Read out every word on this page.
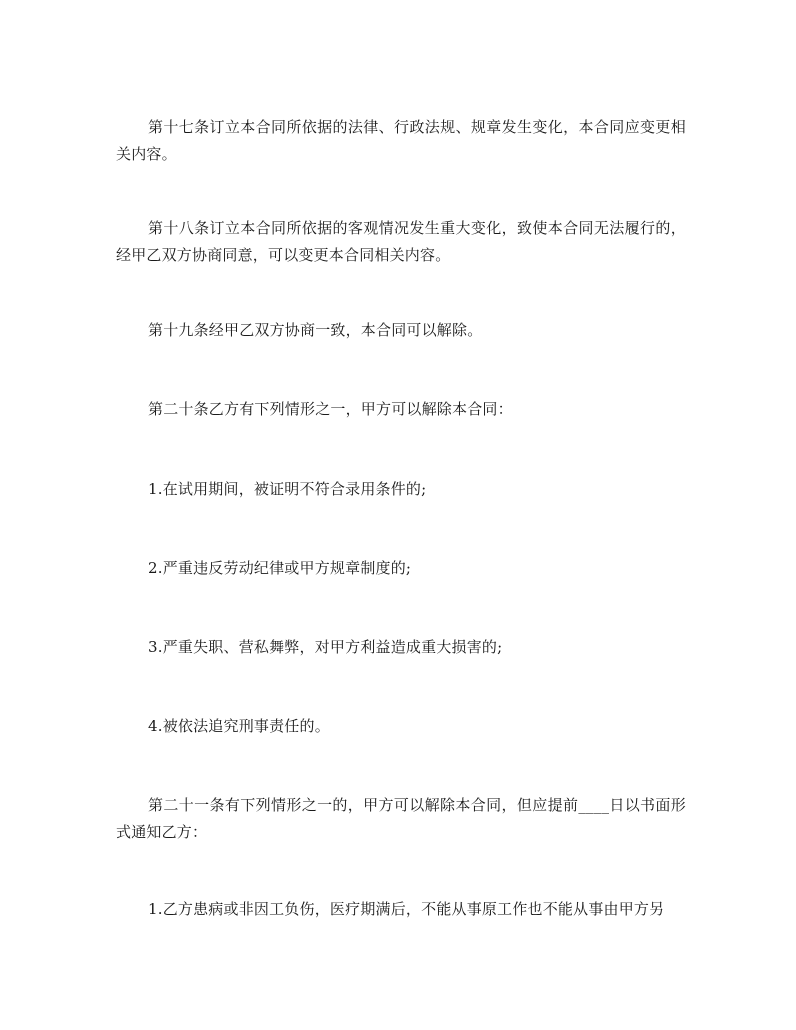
第十七条订立本合同所依据的法律、行政法规、规章发生变化，本合同应变更相关内容。

第十八条订立本合同所依据的客观情况发生重大变化，致使本合同无法履行的，经甲乙双方协商同意，可以变更本合同相关内容。

第十九条经甲乙双方协商一致，本合同可以解除。

第二十条乙方有下列情形之一，甲方可以解除本合同：

1.在试用期间，被证明不符合录用条件的;

2.严重违反劳动纪律或甲方规章制度的;

3.严重失职、营私舞弊，对甲方利益造成重大损害的;

4.被依法追究刑事责任的。

第二十一条有下列情形之一的，甲方可以解除本合同，但应提前____日以书面形式通知乙方：

1.乙方患病或非因工负伤，医疗期满后，不能从事原工作也不能从事由甲方另
